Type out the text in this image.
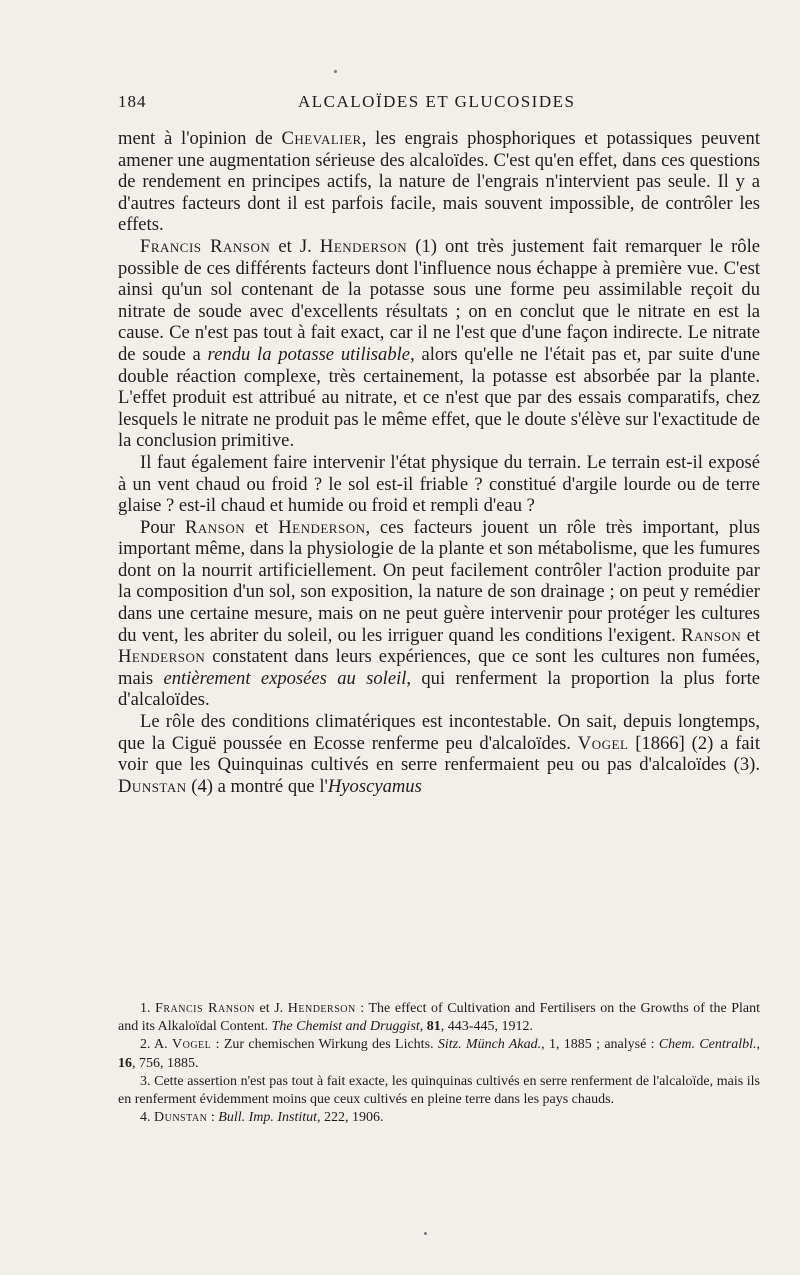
184	ALCALOÏDES ET GLUCOSIDES

ment à l'opinion de Chevalier, les engrais phosphoriques et potassiques peuvent amener une augmentation sérieuse des alcaloïdes. C'est qu'en effet, dans ces questions de rendement en principes actifs, la nature de l'engrais n'intervient pas seule. Il y a d'autres facteurs dont il est parfois facile, mais souvent impossible, de contrôler les effets.

Francis Ranson et J. Henderson (1) ont très justement fait remarquer le rôle possible de ces différents facteurs dont l'influence nous échappe à première vue. C'est ainsi qu'un sol contenant de la potasse sous une forme peu assimilable reçoit du nitrate de soude avec d'excellents résultats ; on en conclut que le nitrate en est la cause. Ce n'est pas tout à fait exact, car il ne l'est que d'une façon indirecte. Le nitrate de soude a rendu la potasse utilisable, alors qu'elle ne l'était pas et, par suite d'une double réaction complexe, très certainement, la potasse est absorbée par la plante. L'effet produit est attribué au nitrate, et ce n'est que par des essais comparatifs, chez lesquels le nitrate ne produit pas le même effet, que le doute s'élève sur l'exactitude de la conclusion primitive.

Il faut également faire intervenir l'état physique du terrain. Le terrain est-il exposé à un vent chaud ou froid ? le sol est-il friable ? constitué d'argile lourde ou de terre glaise ? est-il chaud et humide ou froid et rempli d'eau ?

Pour Ranson et Henderson, ces facteurs jouent un rôle très important, plus important même, dans la physiologie de la plante et son métabolisme, que les fumures dont on la nourrit artificiellement. On peut facilement contrôler l'action produite par la composition d'un sol, son exposition, la nature de son drainage ; on peut y remédier dans une certaine mesure, mais on ne peut guère intervenir pour protéger les cultures du vent, les abriter du soleil, ou les irriguer quand les conditions l'exigent. Ranson et Henderson constatent dans leurs expériences, que ce sont les cultures non fumées, mais entièrement exposées au soleil, qui renferment la proportion la plus forte d'alcaloïdes.

Le rôle des conditions climatériques est incontestable. On sait, depuis longtemps, que la Ciguë poussée en Ecosse renferme peu d'alcaloïdes. Vogel [1866] (2) a fait voir que les Quinquinas cultivés en serre renfermaient peu ou pas d'alcaloïdes (3). Dunstan (4) a montré que l'Hyoscyamus

1. Francis Ranson et J. Henderson : The effect of Cultivation and Fertilisers on the Growths of the Plant and its Alkaloïdal Content. The Chemist and Druggist, 81, 443-445, 1912.

2. A. Vogel : Zur chemischen Wirkung des Lichts. Sitz. Münch Akad., 1, 1885 ; analysé : Chem. Centralbl., 16, 756, 1885.

3. Cette assertion n'est pas tout à fait exacte, les quinquinas cultivés en serre renferment de l'alcaloïde, mais ils en renferment évidemment moins que ceux cultivés en pleine terre dans les pays chauds.

4. Dunstan : Bull. Imp. Institut, 222, 1906.
